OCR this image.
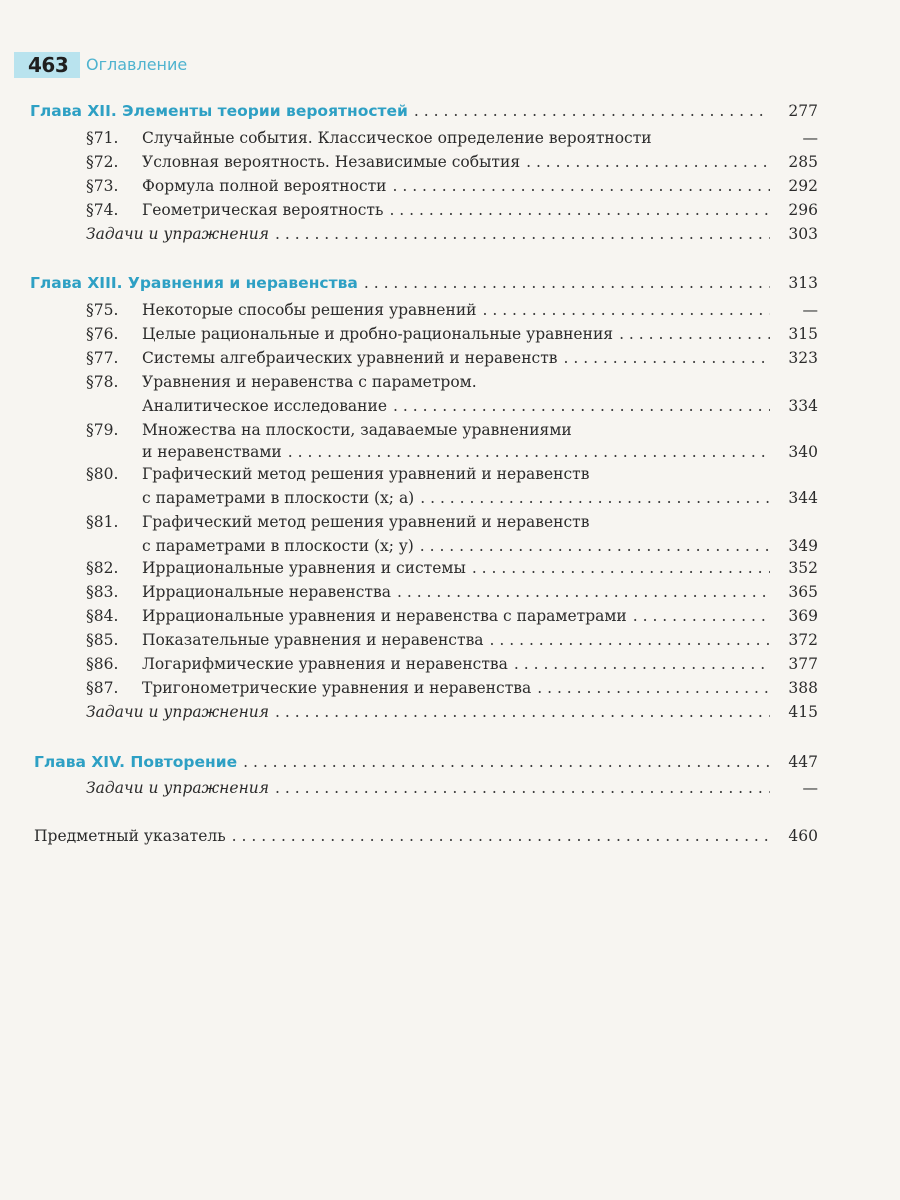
463 Оглавление
Глава XII. Элементы теории вероятностей . . .	277
§71. Случайные события. Классическое определение вероятности	—
§72. Условная вероятность. Независимые события . . .	285
§73. Формула полной вероятности . . .	292
§74. Геометрическая вероятность . . .	296
Задачи и упражнения . . .	303
Глава XIII. Уравнения и неравенства . . .	313
§75. Некоторые способы решения уравнений . . .	—
§76. Целые рациональные и дробно-рациональные уравнения . . .	315
§77. Системы алгебраических уравнений и неравенств . . .	323
§78. Уравнения и неравенства с параметром.
Аналитическое исследование . . .	334
§79. Множества на плоскости, задаваемые уравнениями
и неравенствами . . .	340
§80. Графический метод решения уравнений и неравенств
с параметрами в плоскости (x; a) . . .	344
§81. Графический метод решения уравнений и неравенств
с параметрами в плоскости (x; y) . . .	349
§82. Иррациональные уравнения и системы . . .	352
§83. Иррациональные неравенства . . .	365
§84. Иррациональные уравнения и неравенства с параметрами . . .	369
§85. Показательные уравнения и неравенства . . .	372
§86. Логарифмические уравнения и неравенства . . .	377
§87. Тригонометрические уравнения и неравенства . . .	388
Задачи и упражнения . . .	415
Глава XIV. Повторение . . .	447
Задачи и упражнения . . .	—
Предметный указатель . . .	460
